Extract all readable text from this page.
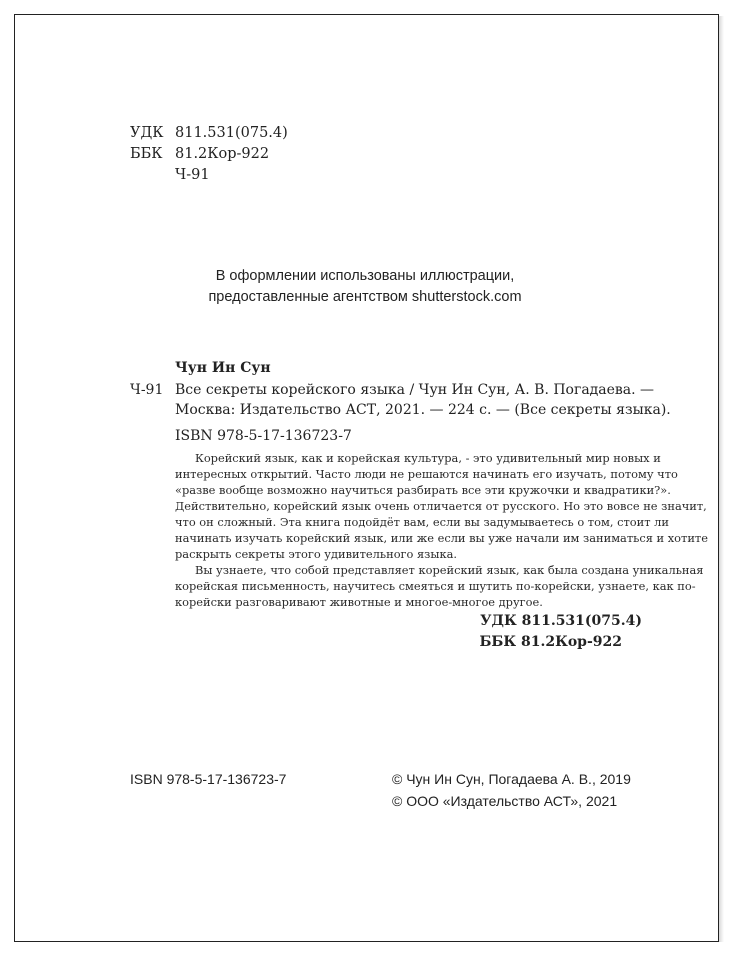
УДК 811.531(075.4)
ББК 81.2Кор-922
Ч-91
В оформлении использованы иллюстрации,
предоставленные агентством shutterstock.com
Чун Ин Сун
Ч-91 Все секреты корейского языка / Чун Ин Сун, А. В. Погадаева. —
Москва: Издательство АСТ, 2021. — 224 с. — (Все секреты языка).
ISBN 978-5-17-136723-7
Корейский язык, как и корейская культура, - это удивительный мир новых и
интересных открытий. Часто люди не решаются начинать его изучать, потому что
«разве вообще возможно научиться разбирать все эти кружочки и квадратики?».
Действительно, корейский язык очень отличается от русского. Но это вовсе не значит,
что он сложный. Эта книга подойдёт вам, если вы задумываетесь о том, стоит ли
начинать изучать корейский язык, или же если вы уже начали им заниматься и хотите
раскрыть секреты этого удивительного языка.
Вы узнаете, что собой представляет корейский язык, как была создана уникальная
корейская письменность, научитесь смеяться и шутить по-корейски, узнаете, как по-
корейски разговаривают животные и многое-многое другое.
УДК 811.531(075.4)
ББК 81.2Кор-922
ISBN 978-5-17-136723-7	© Чун Ин Сун, Погадаева А. В., 2019
© ООО «Издательство АСТ», 2021
